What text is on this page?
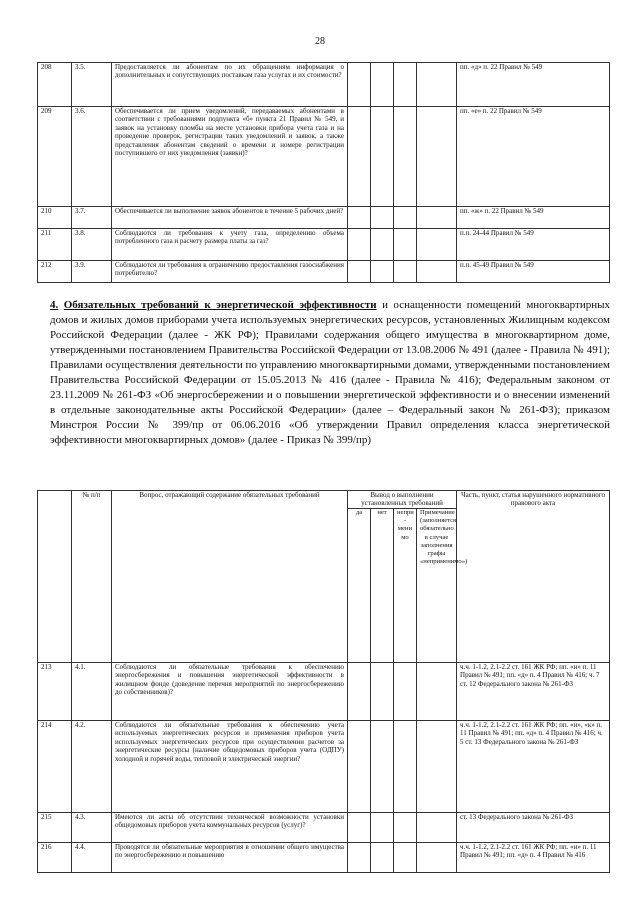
28
208	3.5.	Предоставляется ли абонентам по их обращениям информация о дополнительных и сопутствующих поставкам газа услугах и их стоимости?					пп. «д» п. 22 Правил № 549
209	3.6.	Обеспечивается ли прием уведомлений, передаваемых абонентами в соответствии с требованиями подпункта «б» пункта 21 Правил № 549, и заявок на установку пломбы на месте установки прибора учета газа и на проведение проверок, регистрации таких уведомлений и заявок, а также представления абонентам сведений о времени и номере регистрации поступившего от них уведомления (заявки)?					пп. «е» п. 22 Правил № 549
210	3.7.	Обеспечивается ли выполнение заявок абонентов в течение 5 рабочих дней?					пп. «ж» п. 22 Правил № 549
211	3.8.	Соблюдаются ли требования к учету газа, определению объема потребленного газа и расчету размера платы за газ?					п.п. 24-44 Правил № 549
212	3.9.	Соблюдаются ли требования к ограничению предоставления газоснабжения потребителю?					п.п. 45-49 Правил № 549
4. Обязательных требований к энергетической эффективности и оснащенности помещений многоквартирных домов и жилых домов приборами учета используемых энергетических ресурсов, установленных Жилищным кодексом Российской Федерации (далее - ЖК РФ); Правилами содержания общего имущества в многоквартирном доме, утвержденными постановлением Правительства Российской Федерации от 13.08.2006 № 491 (далее - Правила № 491); Правилами осуществления деятельности по управлению многоквартирными домами, утвержденными постановлением Правительства Российской Федерации от 15.05.2013 № 416 (далее - Правила № 416); Федеральным законом от 23.11.2009 № 261-ФЗ «Об энергосбережении и о повышении энергетической эффективности и о внесении изменений в отдельные законодательные акты Российской Федерации» (далее – Федеральный закон № 261-ФЗ); приказом Минстроя России № 399/пр от 06.06.2016 «Об утверждении Правил определения класса энергетической эффективности многоквартирных домов» (далее - Приказ № 399/пр)
	№ п/п	Вопрос, отражающий содержание обязательных требований	Вывод о выполнении установленных требований				Часть, пункт, статья нарушенного нормативного правового акта
			да	нет	непри - мени мо	Примечание (заполняется обязательно в случае заполнения графы «неприменимо»)	
213	4.1.	Соблюдаются ли обязательные требования к обеспечению энергосбережения и повышения энергетической эффективности в жилищном фонде (доведение перечня мероприятий по энергосбережению до собственников)?					ч.ч. 1-1.2, 2.1-2.2 ст. 161 ЖК РФ; пп. «и» п. 11 Правил № 491; пп. «д» п. 4 Правил № 416; ч. 7 ст. 12 Федерального закона № 261-ФЗ
214	4.2.	Соблюдаются ли обязательные требования к обеспечению учета используемых энергетических ресурсов и применения приборов учета используемых энергетических ресурсов при осуществлении расчетов за энергетические ресурсы (наличие общедомовых приборов учета (ОДПУ) холодной и горячей воды, тепловой и электрической энергии?					ч.ч. 1-1.2, 2.1-2.2 ст. 161 ЖК РФ; пп. «и», «к» п. 11 Правил № 491; пп. «д» п. 4 Правил № 416; ч. 5 ст. 13 Федерального закона № 261-ФЗ
215	4.3.	Имеются ли акты об отсутствии технической возможности установки общедомовых приборов учета коммунальных ресурсов (услуг)?					ст. 13 Федерального закона № 261-ФЗ
216	4.4.	Проводятся ли обязательные мероприятия в отношении общего имущества по энергосбережению и повышению					ч.ч. 1-1.2, 2.1-2.2 ст. 161 ЖК РФ; пп. «и» п. 11 Правил № 491; пп. «д» п. 4 Правил № 416
